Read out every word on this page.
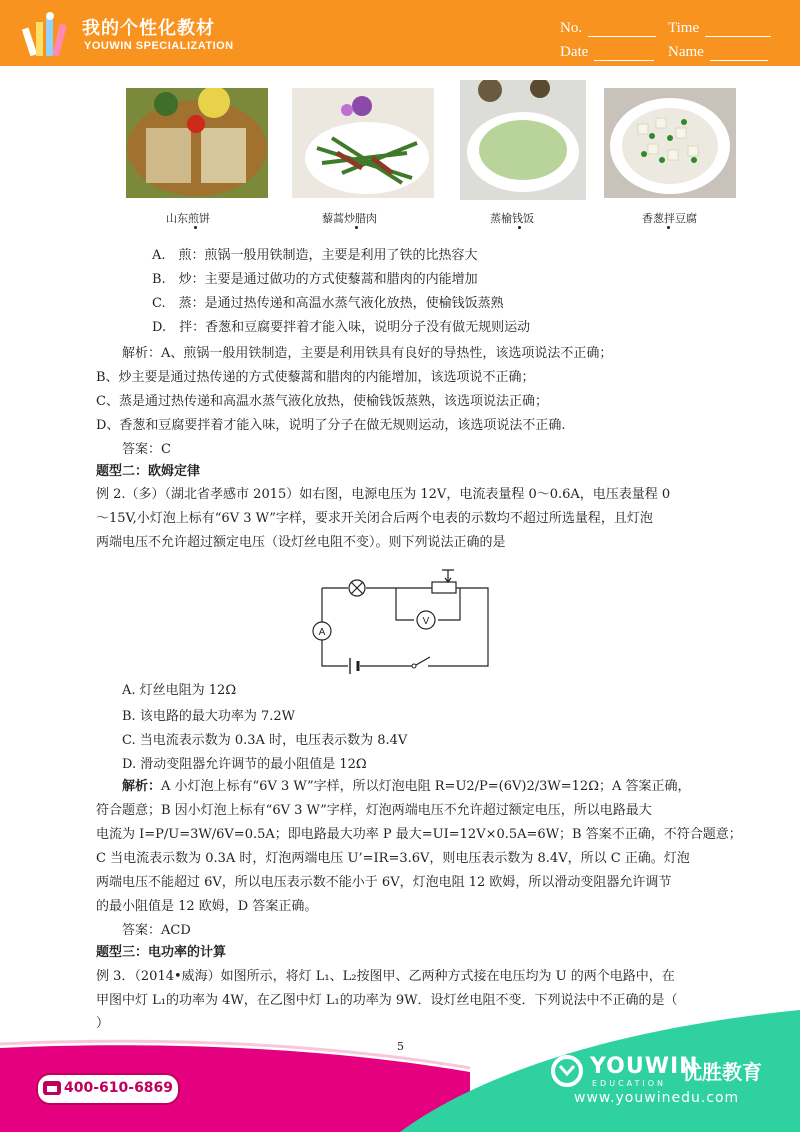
我的个性化教材
YOUWIN SPECIALIZATION
No.	Time
Date	Name
山东煎饼	藜蒿炒腊肉	蒸榆钱饭	香葱拌豆腐
A.　煎：煎锅一般用铁制造，主要是利用了铁的比热容大
B.　炒：主要是通过做功的方式使藜蒿和腊肉的内能增加
C.　蒸：是通过热传递和高温水蒸气液化放热，使榆钱饭蒸熟
D.　拌：香葱和豆腐要拌着才能入味，说明分子没有做无规则运动
解析：A、煎锅一般用铁制造，主要是利用铁具有良好的导热性，该选项说法不正确；
B、炒主要是通过热传递的方式使藜蒿和腊肉的内能增加，该选项说不正确；
C、蒸是通过热传递和高温水蒸气液化放热，使榆钱饭蒸熟，该选项说法正确；
D、香葱和豆腐要拌着才能入味，说明了分子在做无规则运动，该选项说法不正确.
答案：C
题型二：欧姆定律
例 2.（多）（湖北省孝感市 2015）如右图，电源电压为 12V，电流表量程 0～0.6A，电压表量程 0
～15V,小灯泡上标有“6V 3 W”字样，要求开关闭合后两个电表的示数均不超过所选量程，且灯泡
两端电压不允许超过额定电压（设灯丝电阻不变）。则下列说法正确的是
A
V
A. 灯丝电阻为 12Ω
B. 该电路的最大功率为 7.2W
C. 当电流表示数为 0.3A 时，电压表示数为 8.4V
D. 滑动变阻器允许调节的最小阻值是 12Ω
解析：A 小灯泡上标有“6V 3 W”字样，所以灯泡电阻 R=U2/P=(6V)2/3W=12Ω；A 答案正确，
符合题意；B 因小灯泡上标有“6V 3 W”字样，灯泡两端电压不允许超过额定电压，所以电路最大
电流为 I=P/U=3W/6V=0.5A；即电路最大功率 P 最大=UI=12V×0.5A=6W；B 答案不正确，不符合题意；
C 当电流表示数为 0.3A 时，灯泡两端电压 U’=IR=3.6V，则电压表示数为 8.4V，所以 C 正确。灯泡
两端电压不能超过 6V，所以电压表示数不能小于 6V，灯泡电阻 12 欧姆，所以滑动变阻器允许调节
的最小阻值是 12 欧姆，D 答案正确。
答案：ACD
题型三：电功率的计算
例 3．（2014•威海）如图所示，将灯 L₁、L₂按图甲、乙两种方式接在电压均为 U 的两个电路中，在
甲图中灯 L₁的功率为 4W，在乙图中灯 L₁的功率为 9W．设灯丝电阻不变．下列说法中不正确的是（
）
5
400-610-6869
YOUWIN
EDUCATION 优胜教育
www.youwinedu.com
